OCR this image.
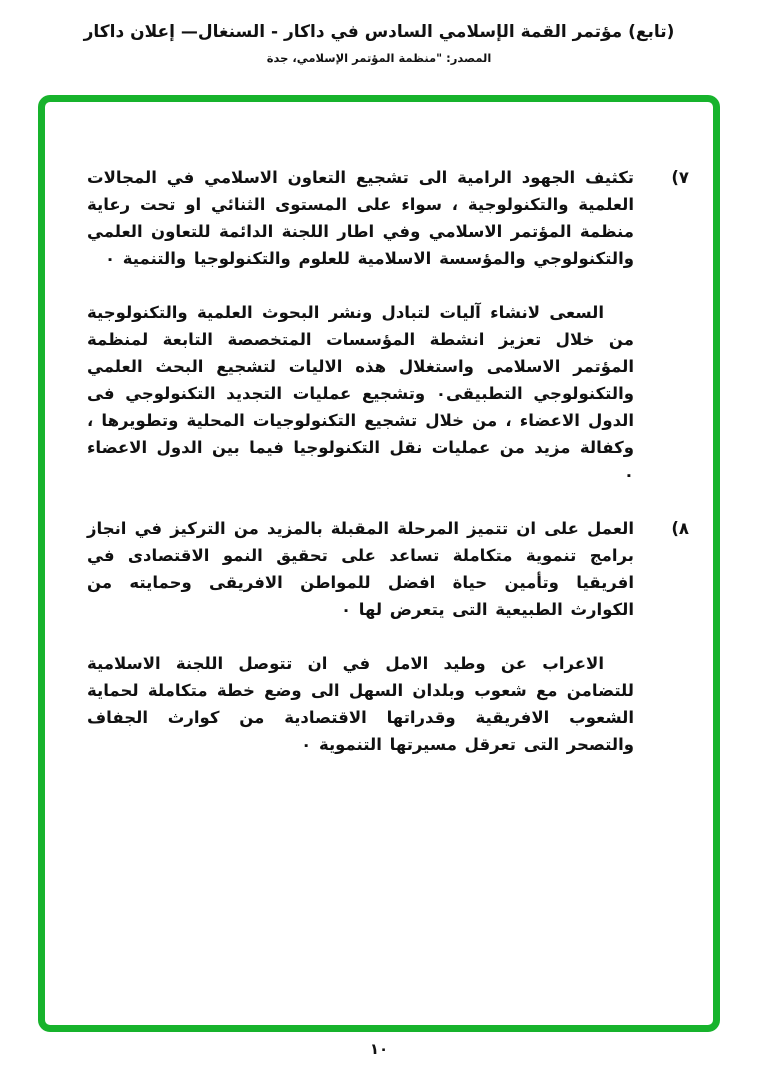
(تابع) مؤتمر القمة الإسلامي السادس في داكار - السنغال— إعلان داكار
المصدر: "منظمة المؤتمر الإسلامي، جدة
٧)

تكثيف الجهود الرامية الى تشجيع التعاون الاسلامي في المجالات العلمية والتكنولوجية ، سواء على المستوى الثنائي او تحت رعاية منظمة المؤتمر الاسلامي وفي اطار اللجنة الدائمة للتعاون العلمي والتكنولوجي والمؤسسة الاسلامية للعلوم والتكنولوجيا والتنمية ٠

السعى لانشاء آليات لتبادل ونشر البحوث العلمية والتكنولوجية من خلال تعزيز انشطة المؤسسات المتخصصة التابعة لمنظمة المؤتمر الاسلامى واستغلال هذه الاليات لتشجيع البحث العلمي والتكنولوجي التطبيقى٠ وتشجيع عمليات التجديد التكنولوجي فى الدول الاعضاء ، من خلال تشجيع التكنولوجيات المحلية وتطويرها ، وكفالة مزيد من عمليات نقل التكنولوجيا فيما بين الدول الاعضاء ٠

٨)

العمل على ان تتميز المرحلة المقبلة بالمزيد من التركيز في انجاز برامج تنموية متكاملة تساعد على تحقيق النمو الاقتصادى في افريقيا وتأمين حياة افضل للمواطن الافريقى وحمايته من الكوارث الطبيعية التى يتعرض لها ٠

الاعراب عن وطيد الامل في ان تتوصل اللجنة الاسلامية للتضامن مع شعوب وبلدان السهل الى وضع خطة متكاملة لحماية الشعوب الافريقية وقدراتها الاقتصادية من كوارث الجفاف والتصحر التى تعرقل مسيرتها التنموية ٠

١٠
